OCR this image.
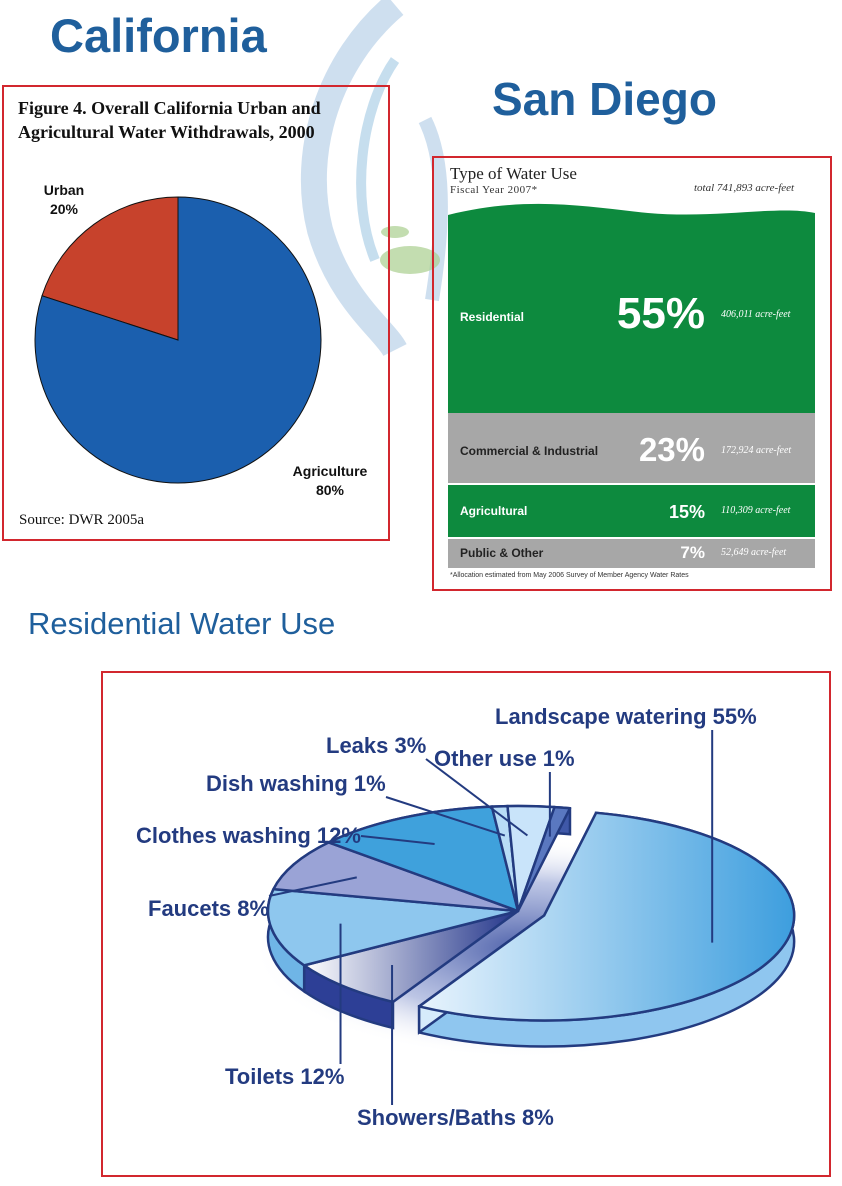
California
San Diego
Residential Water Use
Figure 4. Overall California Urban and Agricultural Water Withdrawals, 2000
Urban
20%
Agriculture
80%
Source: DWR 2005a
Type of Water Use
Fiscal Year 2007*	total 741,893 acre-feet
Residential 55% 406,011 acre-feet
Commercial & Industrial 23% 172,924 acre-feet
Agricultural	15% 110,309 acre-feet
Public & Other	7% 52,649 acre-feet
*Allocation estimated from May 2006 Survey of Member Agency Water Rates
Landscape watering 55%
Showers/Baths 8%
Toilets 12%
Faucets 8%
Clothes washing 12%
Dish washing 1%
Leaks 3%
Other use 1%
